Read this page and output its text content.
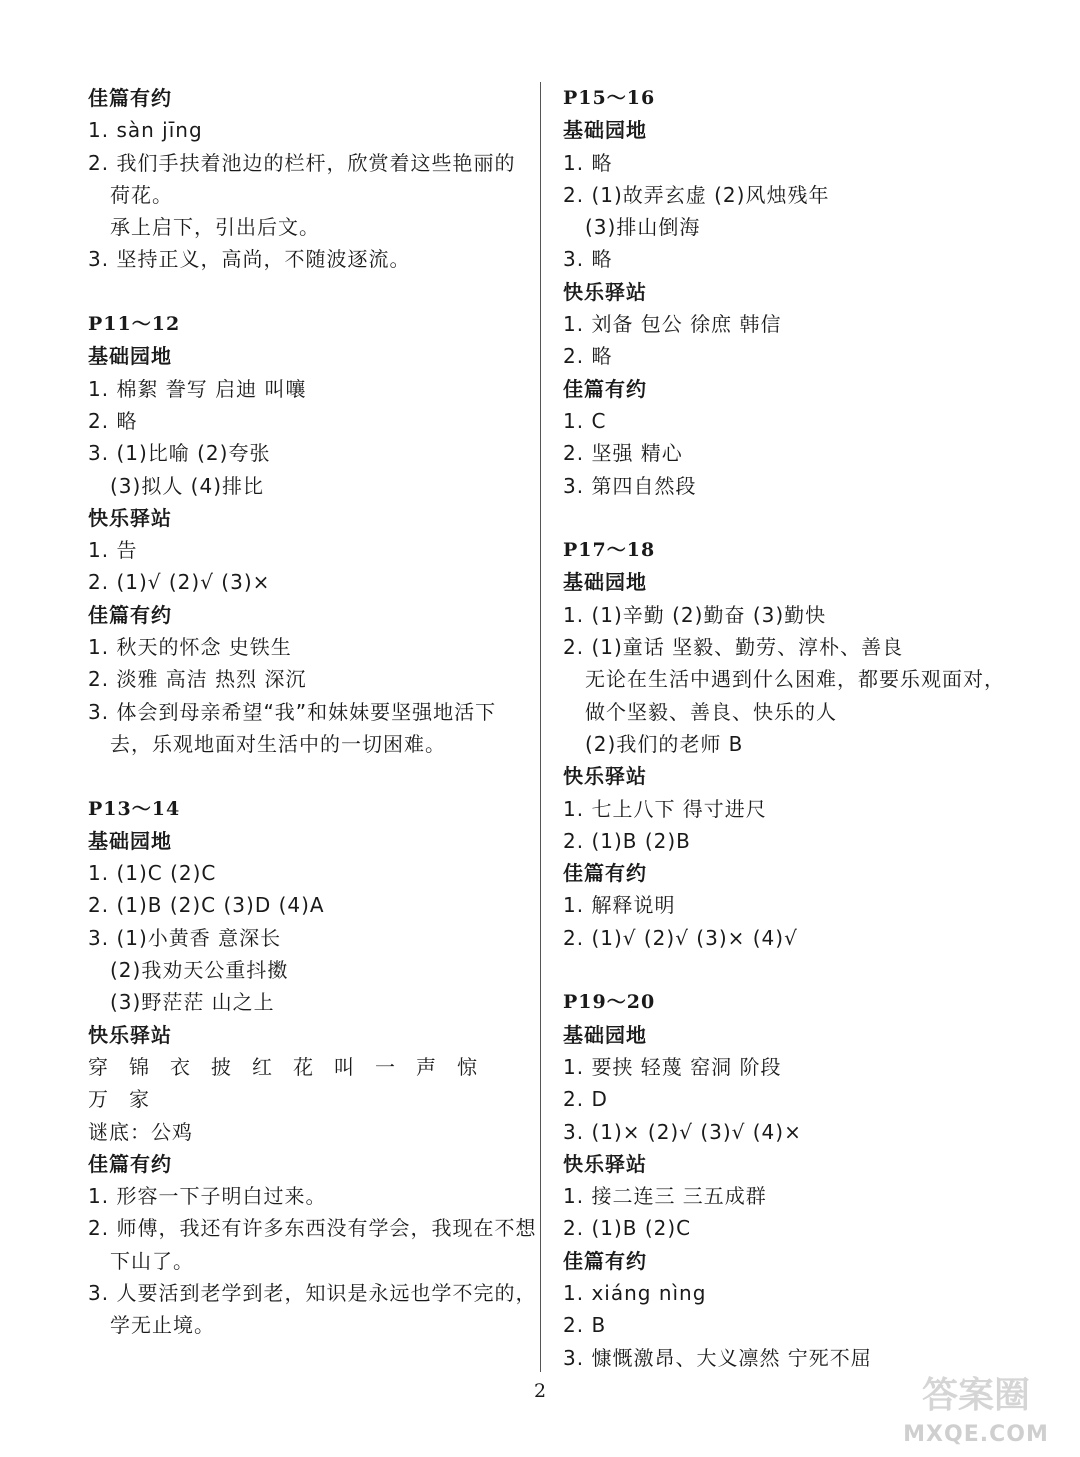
佳篇有约
1. sàn jīng
2. 我们手扶着池边的栏杆，欣赏着这些艳丽的
荷花。
承上启下，引出后文。
3. 坚持正义，高尚，不随波逐流。
P11～12
基础园地
1. 棉絮 誊写 启迪 叫嚷
2. 略
3. (1)比喻 (2)夸张
(3)拟人 (4)排比
快乐驿站
1. 告
2. (1)√ (2)√ (3)×
佳篇有约
1. 秋天的怀念 史铁生
2. 淡雅 高洁 热烈 深沉
3. 体会到母亲希望“我”和妹妹要坚强地活下
去，乐观地面对生活中的一切困难。
P13～14
基础园地
1. (1)C (2)C
2. (1)B (2)C (3)D (4)A
3. (1)小黄香 意深长
(2)我劝天公重抖擞
(3)野茫茫 山之上
快乐驿站
穿锦衣披红花叫一声惊
万家
谜底：公鸡
佳篇有约
1. 形容一下子明白过来。
2. 师傅，我还有许多东西没有学会，我现在不想
下山了。
3. 人要活到老学到老，知识是永远也学不完的，
学无止境。
P15～16
基础园地
1. 略
2. (1)故弄玄虚 (2)风烛残年
(3)排山倒海
3. 略
快乐驿站
1. 刘备 包公 徐庶 韩信
2. 略
佳篇有约
1. C
2. 坚强 精心
3. 第四自然段
P17～18
基础园地
1. (1)辛勤 (2)勤奋 (3)勤快
2. (1)童话 坚毅、勤劳、淳朴、善良
无论在生活中遇到什么困难，都要乐观面对，
做个坚毅、善良、快乐的人
(2)我们的老师 B
快乐驿站
1. 七上八下 得寸进尺
2. (1)B (2)B
佳篇有约
1. 解释说明
2. (1)√ (2)√ (3)× (4)√
P19～20
基础园地
1. 要挟 轻蔑 窑洞 阶段
2. D
3. (1)× (2)√ (3)√ (4)×
快乐驿站
1. 接二连三 三五成群
2. (1)B (2)C
佳篇有约
1. xiáng nìng
2. B
3. 慷慨激昂、大义凛然 宁死不屈
2	答案圈
MXQE.COM
